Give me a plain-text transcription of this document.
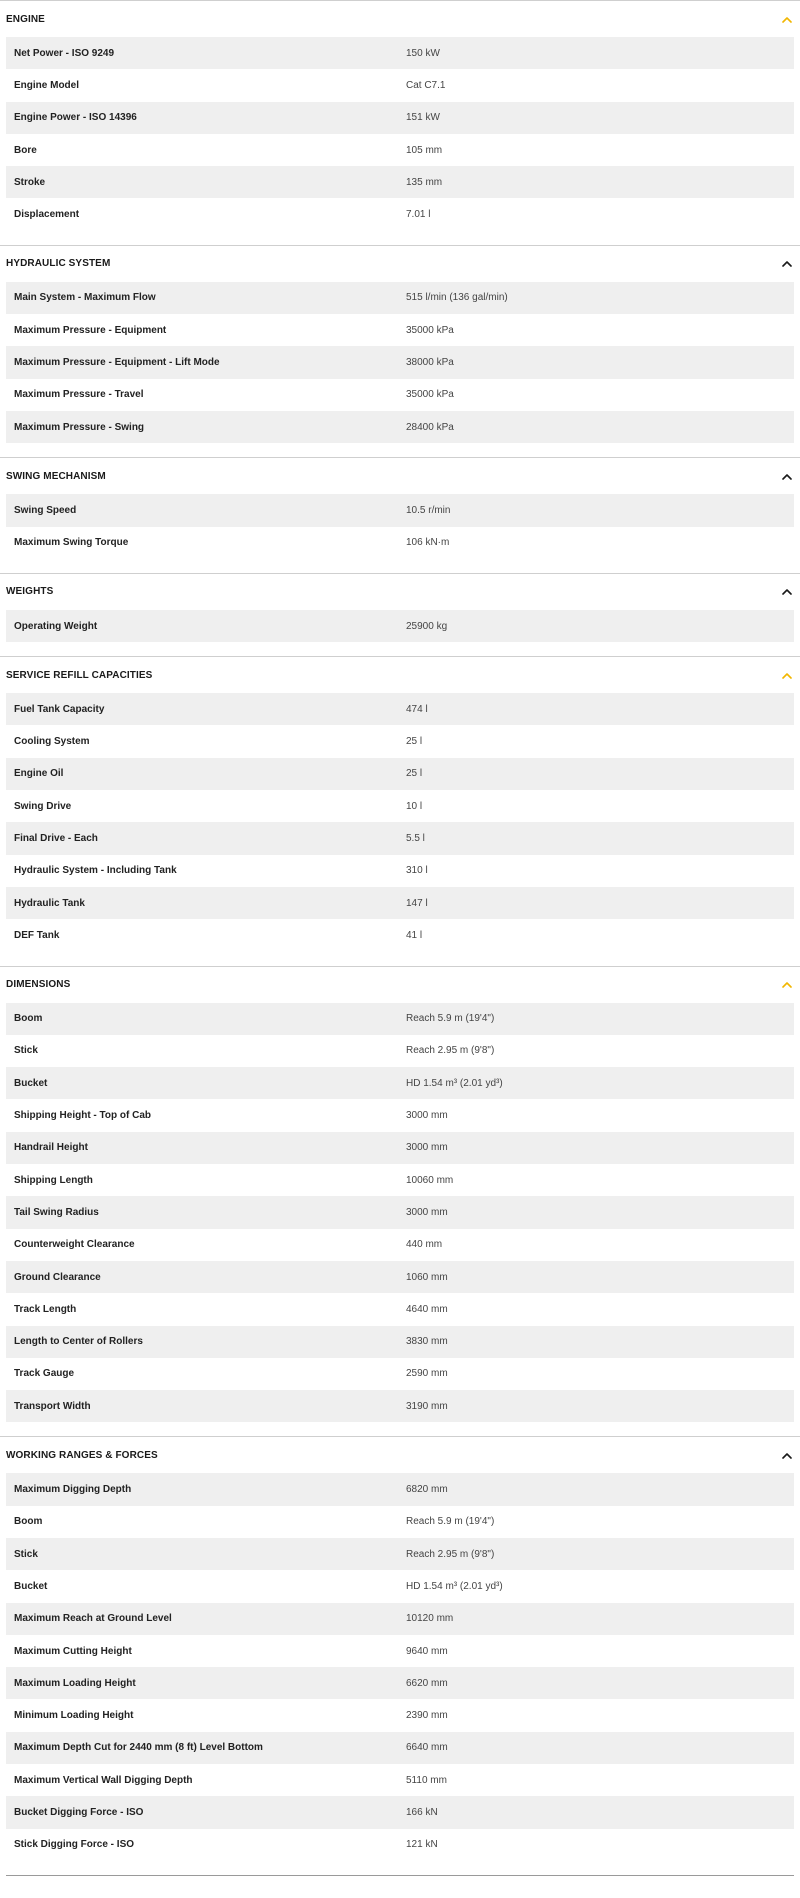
ENGINE
Net Power - ISO 9249	150 kW
Engine Model	Cat C7.1
Engine Power - ISO 14396	151 kW
Bore	105 mm
Stroke	135 mm
Displacement	7.01 l
HYDRAULIC SYSTEM
Main System - Maximum Flow	515 l/min (136 gal/min)
Maximum Pressure - Equipment	35000 kPa
Maximum Pressure - Equipment - Lift Mode	38000 kPa
Maximum Pressure - Travel	35000 kPa
Maximum Pressure - Swing	28400 kPa
SWING MECHANISM
Swing Speed	10.5 r/min
Maximum Swing Torque	106 kN·m
WEIGHTS
Operating Weight	25900 kg
SERVICE REFILL CAPACITIES
Fuel Tank Capacity	474 l
Cooling System	25 l
Engine Oil	25 l
Swing Drive	10 l
Final Drive - Each	5.5 l
Hydraulic System - Including Tank	310 l
Hydraulic Tank	147 l
DEF Tank	41 l
DIMENSIONS
Boom	Reach 5.9 m (19'4")
Stick	Reach 2.95 m (9'8")
Bucket	HD 1.54 m³ (2.01 yd³)
Shipping Height - Top of Cab	3000 mm
Handrail Height	3000 mm
Shipping Length	10060 mm
Tail Swing Radius	3000 mm
Counterweight Clearance	440 mm
Ground Clearance	1060 mm
Track Length	4640 mm
Length to Center of Rollers	3830 mm
Track Gauge	2590 mm
Transport Width	3190 mm
WORKING RANGES & FORCES
Maximum Digging Depth	6820 mm
Boom	Reach 5.9 m (19'4")
Stick	Reach 2.95 m (9'8")
Bucket	HD 1.54 m³ (2.01 yd³)
Maximum Reach at Ground Level	10120 mm
Maximum Cutting Height	9640 mm
Maximum Loading Height	6620 mm
Minimum Loading Height	2390 mm
Maximum Depth Cut for 2440 mm (8 ft) Level Bottom	6640 mm
Maximum Vertical Wall Digging Depth	5110 mm
Bucket Digging Force - ISO	166 kN
Stick Digging Force - ISO	121 kN
